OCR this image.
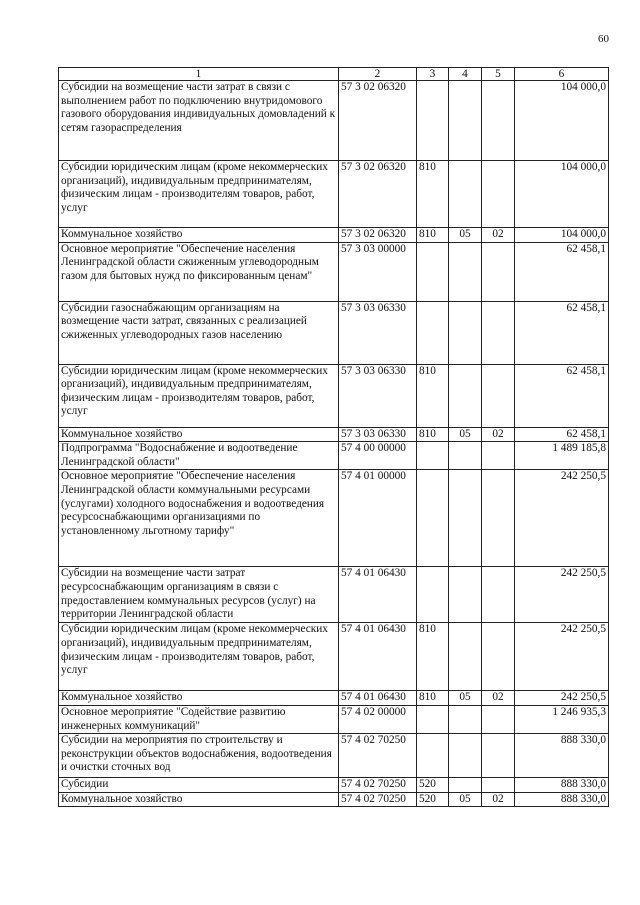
60
1	2	3	4	5	6
Субсидии на возмещение части затрат в связи с выполнением работ по подключению внутридомового газового оборудования индивидуальных домовладений к сетям газораспределения	57 3 02 06320				104 000,0
Субсидии юридическим лицам (кроме некоммерческих организаций), индивидуальным предпринимателям, физическим лицам - производителям товаров, работ, услуг	57 3 02 06320	810			104 000,0
Коммунальное хозяйство	57 3 02 06320	810	05	02	104 000,0
Основное мероприятие "Обеспечение населения Ленинградской области сжиженным углеводородным газом для бытовых нужд по фиксированным ценам"	57 3 03 00000				62 458,1
Субсидии газоснабжающим организациям на возмещение части затрат, связанных с реализацией сжиженных углеводородных газов населению	57 3 03 06330				62 458,1
Субсидии юридическим лицам (кроме некоммерческих организаций), индивидуальным предпринимателям, физическим лицам - производителям товаров, работ, услуг	57 3 03 06330	810			62 458,1
Коммунальное хозяйство	57 3 03 06330	810	05	02	62 458,1
Подпрограмма "Водоснабжение и водоотведение Ленинградской области"	57 4 00 00000				1 489 185,8
Основное мероприятие "Обеспечение населения Ленинградской области коммунальными ресурсами (услугами) холодного водоснабжения и водоотведения ресурсоснабжающими организациями по установленному льготному тарифу"	57 4 01 00000				242 250,5
Субсидии на возмещение части затрат ресурсоснабжающим организациям в связи с предоставлением коммунальных ресурсов (услуг) на территории Ленинградской области	57 4 01 06430				242 250,5
Субсидии юридическим лицам (кроме некоммерческих организаций), индивидуальным предпринимателям, физическим лицам - производителям товаров, работ, услуг	57 4 01 06430	810			242 250,5
Коммунальное хозяйство	57 4 01 06430	810	05	02	242 250,5
Основное мероприятие "Содействие развитию инженерных коммуникаций"	57 4 02 00000				1 246 935,3
Субсидии на мероприятия по строительству и реконструкции объектов водоснабжения, водоотведения и очистки сточных вод	57 4 02 70250				888 330,0
Субсидии	57 4 02 70250	520			888 330,0
Коммунальное хозяйство	57 4 02 70250	520	05	02	888 330,0
